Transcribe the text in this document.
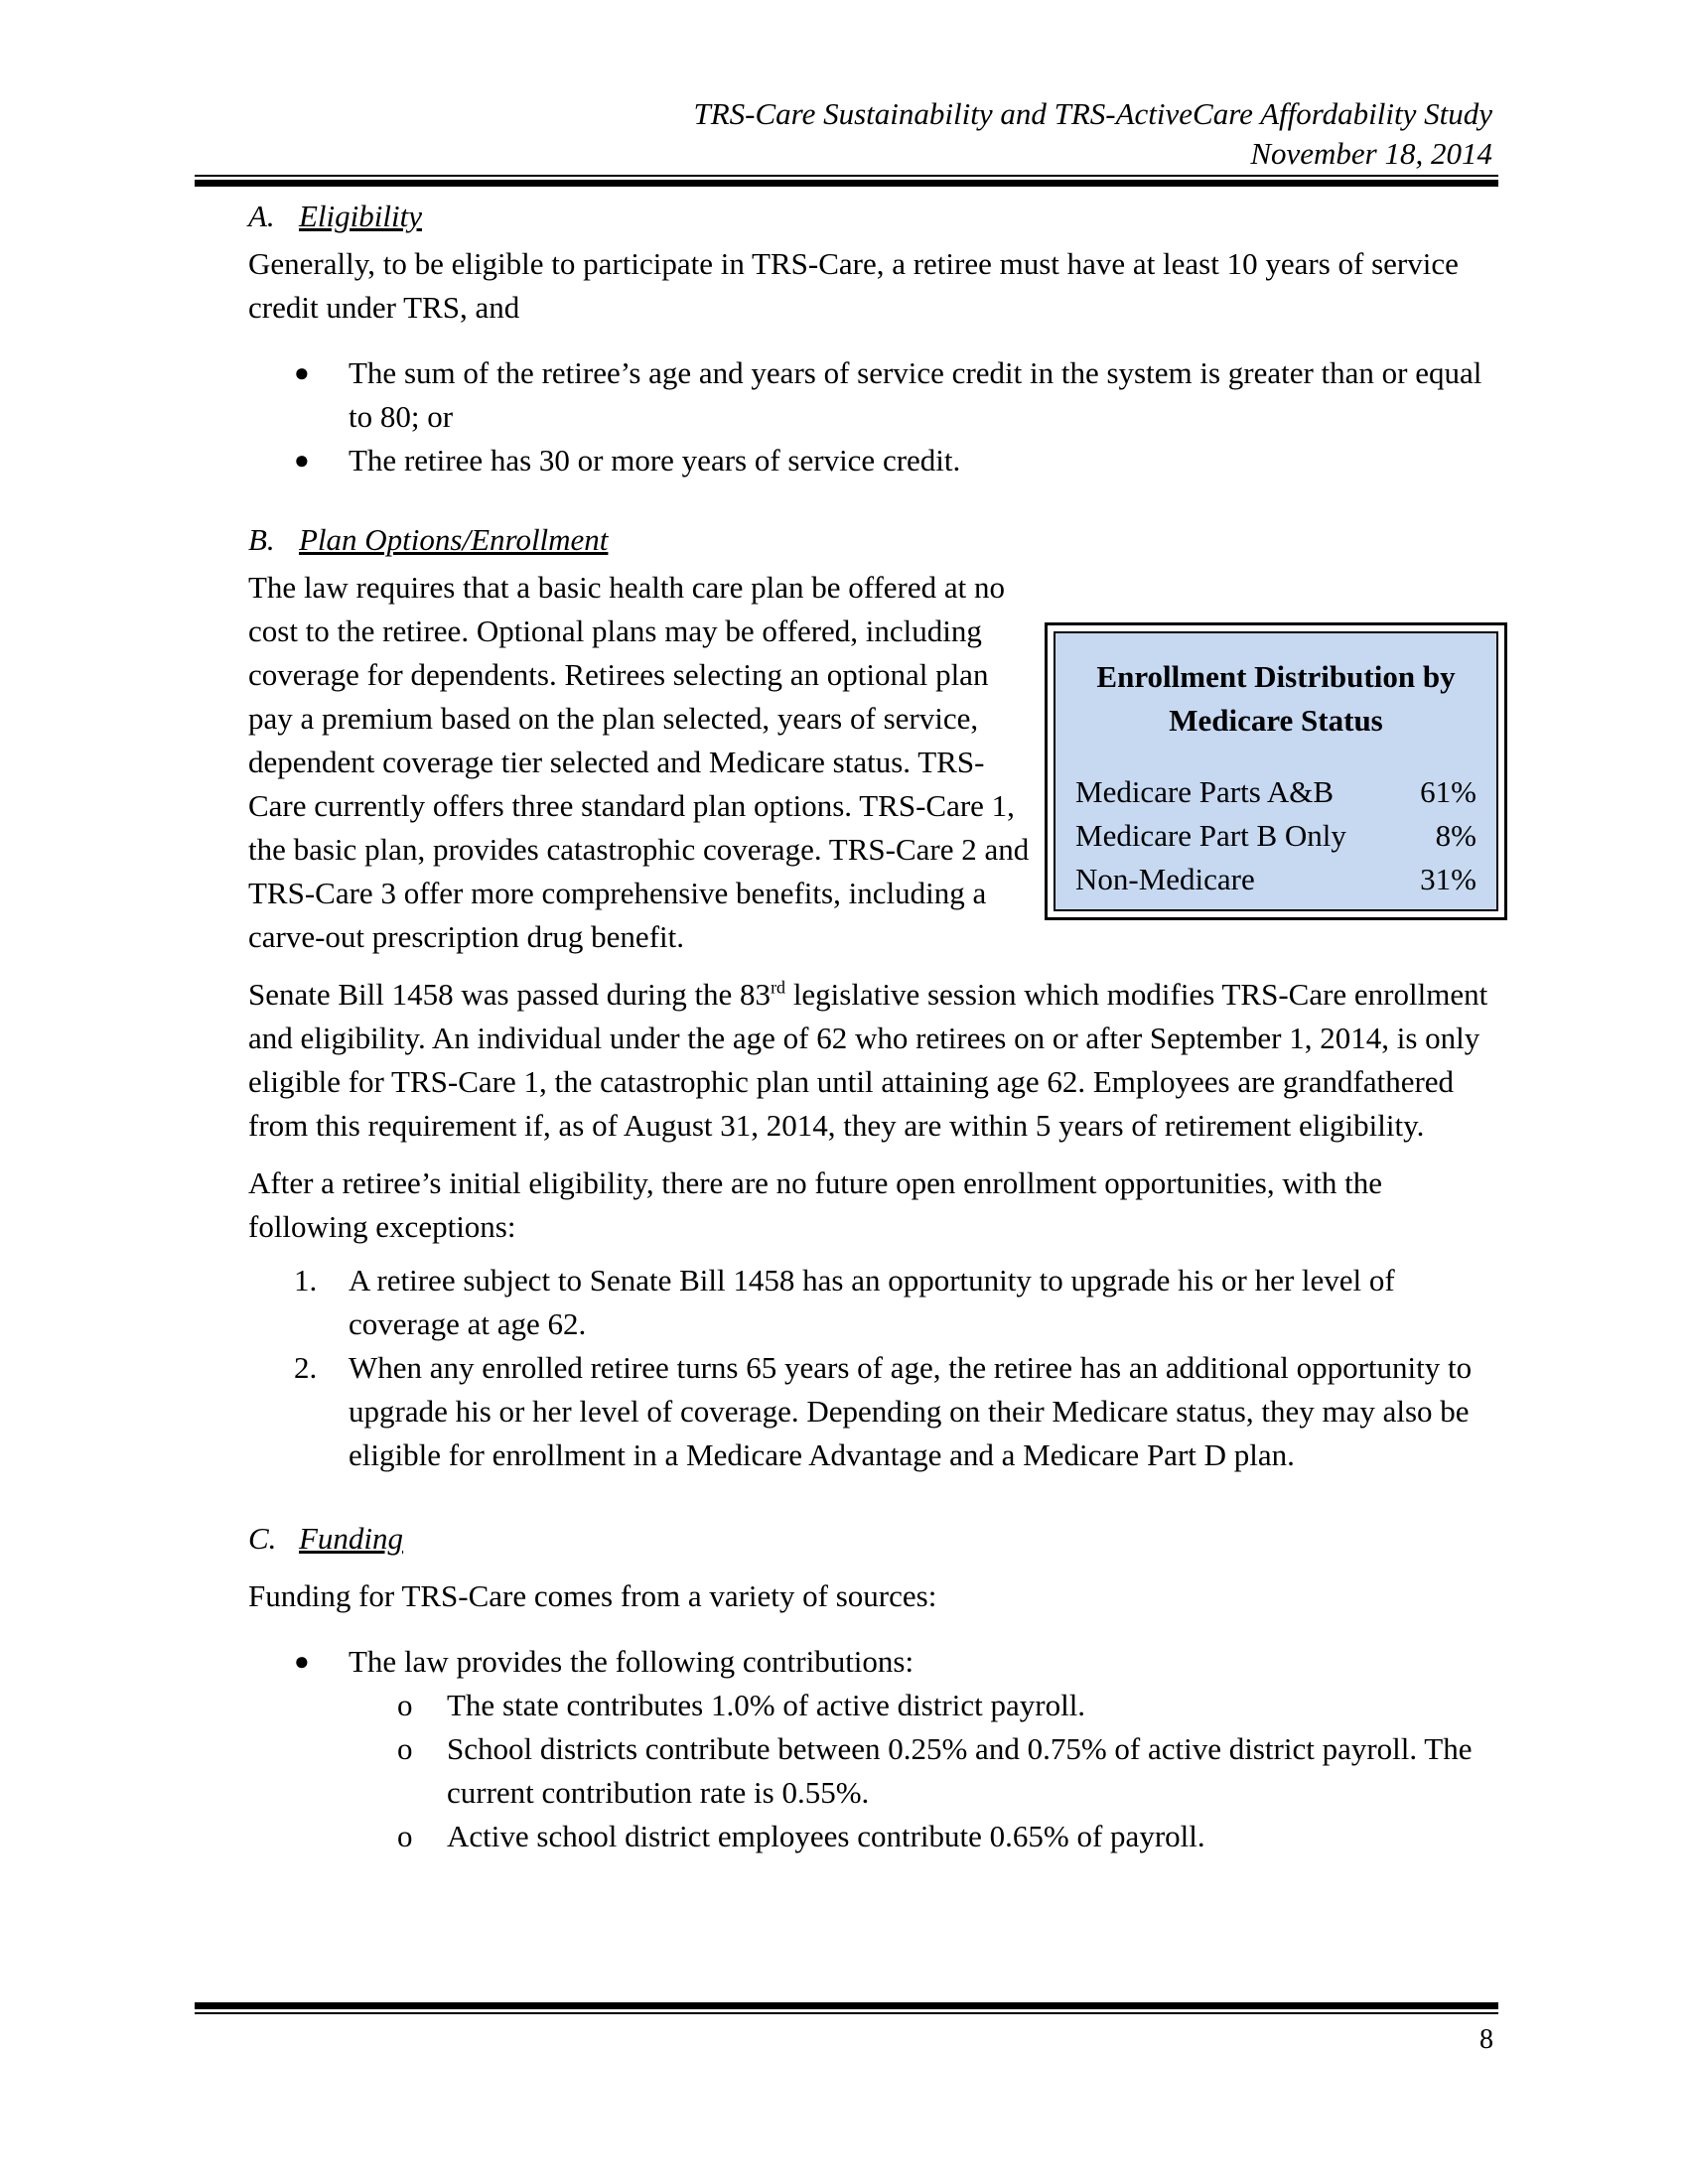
TRS-Care Sustainability and TRS-ActiveCare Affordability Study
November 18, 2014
A. Eligibility

Generally, to be eligible to participate in TRS-Care, a retiree must have at least 10 years of service credit under TRS, and

● The sum of the retiree’s age and years of service credit in the system is greater than or equal to 80; or
● The retiree has 30 or more years of service credit.
B. Plan Options/Enrollment

The law requires that a basic health care plan be offered at no cost to the retiree. Optional plans may be offered, including coverage for dependents. Retirees selecting an optional plan pay a premium based on the plan selected, years of service, dependent coverage tier selected and Medicare status. TRS-Care currently offers three standard plan options. TRS-Care 1, the basic plan, provides catastrophic coverage. TRS-Care 2 and TRS-Care 3 offer more comprehensive benefits, including a carve-out prescription drug benefit.

Senate Bill 1458 was passed during the 83rd legislative session which modifies TRS-Care enrollment and eligibility. An individual under the age of 62 who retirees on or after September 1, 2014, is only eligible for TRS-Care 1, the catastrophic plan until attaining age 62. Employees are grandfathered from this requirement if, as of August 31, 2014, they are within 5 years of retirement eligibility.

After a retiree’s initial eligibility, there are no future open enrollment opportunities, with the following exceptions:

1. A retiree subject to Senate Bill 1458 has an opportunity to upgrade his or her level of coverage at age 62.
2. When any enrolled retiree turns 65 years of age, the retiree has an additional opportunity to upgrade his or her level of coverage. Depending on their Medicare status, they may also be eligible for enrollment in a Medicare Advantage and a Medicare Part D plan.
C. Funding

Funding for TRS-Care comes from a variety of sources:

● The law provides the following contributions:
o The state contributes 1.0% of active district payroll.
o School districts contribute between 0.25% and 0.75% of active district payroll. The current contribution rate is 0.55%.
o Active school district employees contribute 0.65% of payroll.
Enrollment Distribution by
Medicare Status
Medicare Parts A&B	61%
Medicare Part B Only	8%
Non-Medicare	31%
8
